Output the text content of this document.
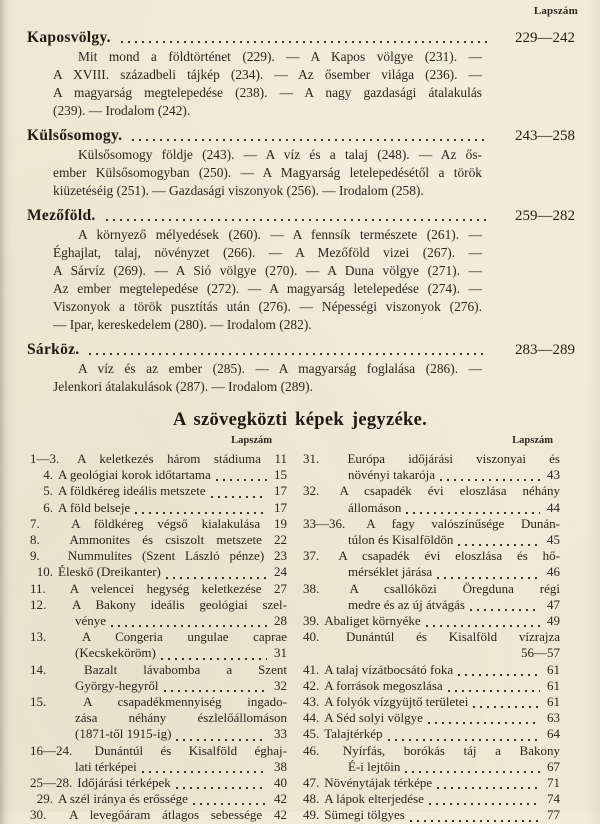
Lapszám
Kaposvölgy.	229—242
Mit mond a földtörténet (229). — A Kapos völgye (231). —
A XVIII. századbeli tájkép (234). — Az ősember világa (236). —
A magyarság megtelepedése (238). — A nagy gazdasági átalakulás
(239). — Irodalom (242).
Külsősomogy.	243—258
Külsősomogy földje (243). — A víz és a talaj (248). — Az ős-
ember Külsősomogyban (250). — A Magyarság letelepedésétől a török
kiüzetéséig (251). — Gazdasági viszonyok (256). — Irodalom (258).
Mezőföld.	259—282
A környező mélyedések (260). — A fennsík természete (261). —
Éghajlat, talaj, növényzet (266). — A Mezőföld vizei (267). —
A Sárvíz (269). — A Sió völgye (270). — A Duna völgye (271). —
Az ember megtelepedése (272). — A magyarság letelepedése (274). —
Viszonyok a török pusztítás után (276). — Népességi viszonyok (276).
— Ipar, kereskedelem (280). — Irodalom (282).
Sárköz.	283—289
A víz és az ember (285). — A magyarság foglalása (286). —
Jelenkori átalakulások (287). — Irodalom (289).
A szövegközti képek jegyzéke.
Lapszám	Lapszám
1—3. A keletkezés három stádiuma 11
4. A geológiai korok időtartama	15
5. A földkéreg ideális metszete	17
6. A föld belseje	17
7. A földkéreg végső kialakulása 19
8. Ammonites és csiszolt metszete 22
9. Nummulites (Szent László pénze) 23
10. Éleskő (Dreikanter)	24
11. A velencei hegység keletkezése 27
12. A Bakony ideális geológiai szel-
vénye	28
13.	A Congeria ungulae caprae
(Kecskeköröm)	31
14.	Bazalt lávabomba a Szent
György-hegyről	32
15.	A csapadékmennyiség ingado-
zása néhány észlelőállomáson
(1871-től 1915-ig)	33
16—24. Dunántúl és Kisalföld éghaj-
lati térképei	38
25—28. Időjárási térképek	40
29. A szél iránya és erőssége	42
30. A levegőáram átlagos sebessége 42
31. Európa időjárási viszonyai és
növényi takarója	43
32. A csapadék évi eloszlása néhány
állomáson	44
33—36. A fagy valószínűsége Dunán-
túlon és Kisalföldön	45
37. A csapadék évi eloszlása és hő-
mérséklet járása	46
38. A csallóközi Öregduna régi
medre és az új átvágás	47
39. Abaliget környéke	49
40. Dunántúl és Kisalföld vízrajza
56—57
41. A talaj vízátbocsátó foka	61
42. A források megoszlása	61
43. A folyók vízgyüjtő területei	61
44. A Séd solyi völgye	63
45. Talajtérkép	64
46. Nyírfás, borókás táj a Bakony
É-i lejtőin	67
47. Növénytájak térképe	71
48. A lápok elterjedése	74
49. Sümegi tölgyes	77
